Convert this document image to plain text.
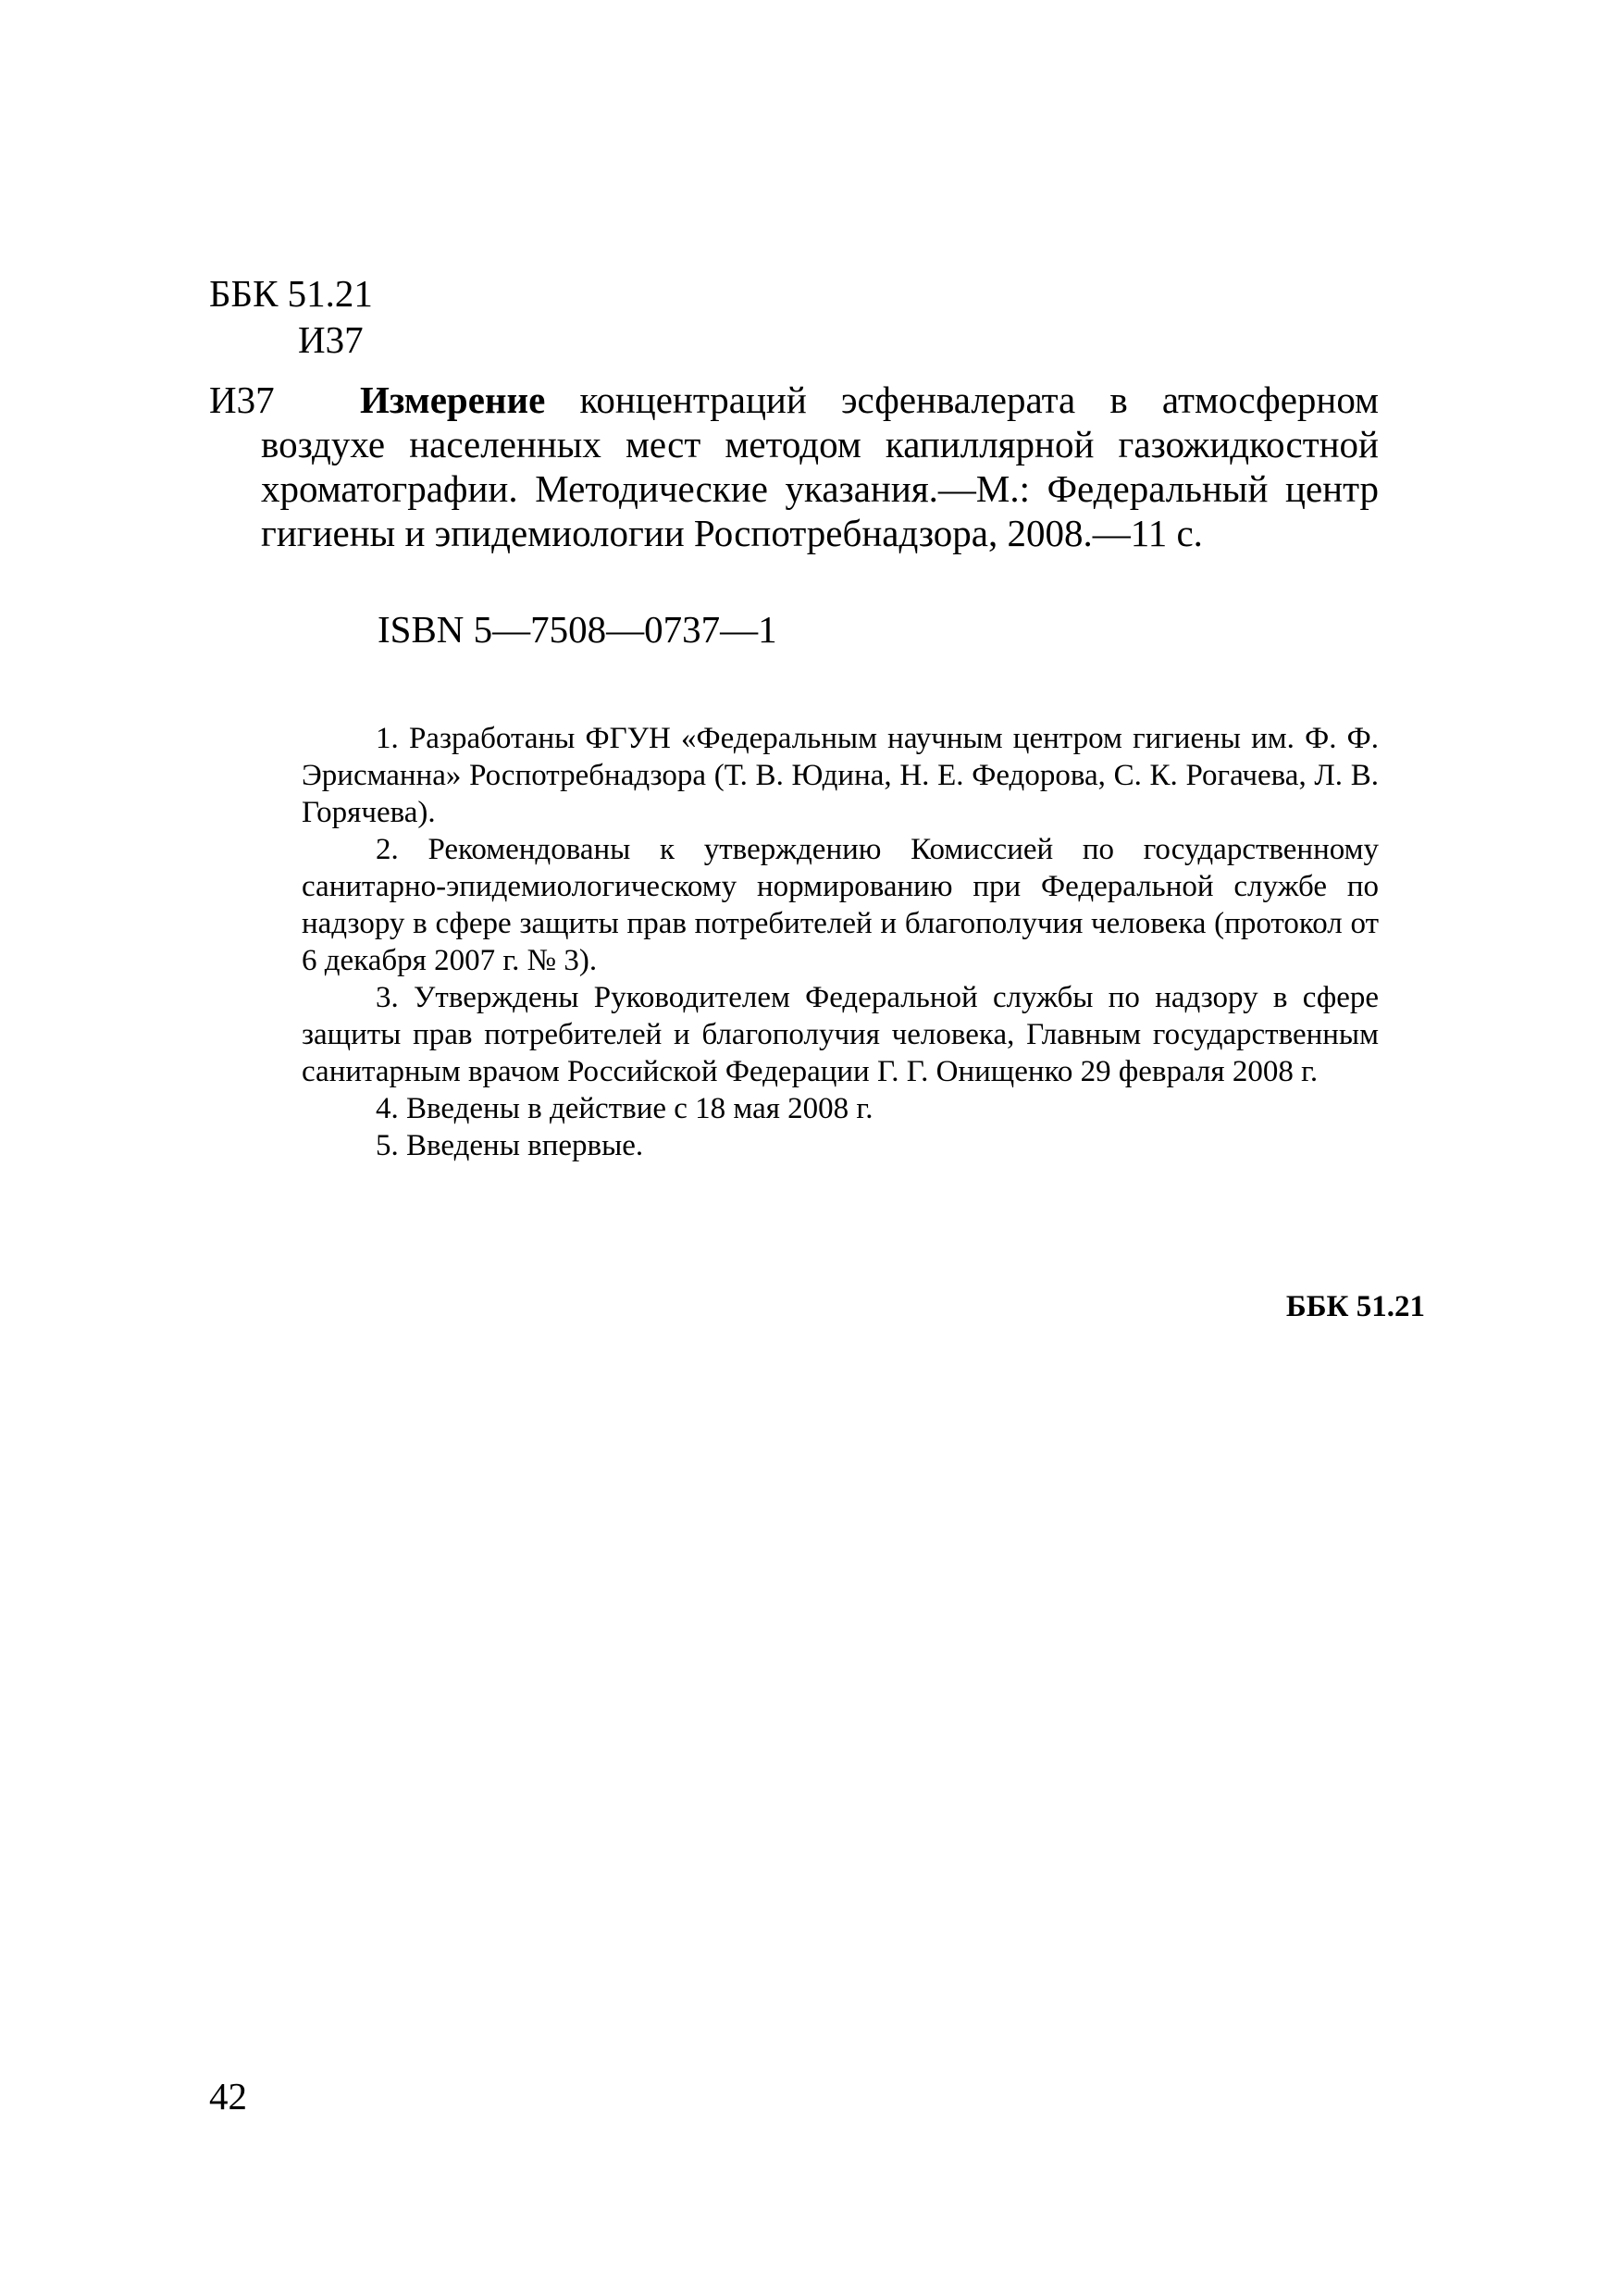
ББК 51.21

И37

И37	Измерение концентраций эсфенвалерата в атмосферном воздухе населенных мест методом капиллярной газожидкостной хроматографии. Методические указания.—М.: Федеральный центр гигиены и эпидемиологии Роспотребнадзора, 2008.—11 с.

ISBN 5—7508—0737—1

1. Разработаны ФГУН «Федеральным научным центром гигиены им. Ф. Ф. Эрисманна» Роспотребнадзора (Т. В. Юдина, Н. Е. Федорова, С. К. Рогачева, Л. В. Горячева).

2. Рекомендованы к утверждению Комиссией по государственному санитарно-эпидемиологическому нормированию при Федеральной службе по надзору в сфере защиты прав потребителей и благополучия человека (протокол от 6 декабря 2007 г. № 3).

3. Утверждены Руководителем Федеральной службы по надзору в сфере защиты прав потребителей и благополучия человека, Главным государственным санитарным врачом Российской Федерации Г. Г. Онищенко 29 февраля 2008 г.

4. Введены в действие с 18 мая 2008 г.

5. Введены впервые.

ББК 51.21

42
